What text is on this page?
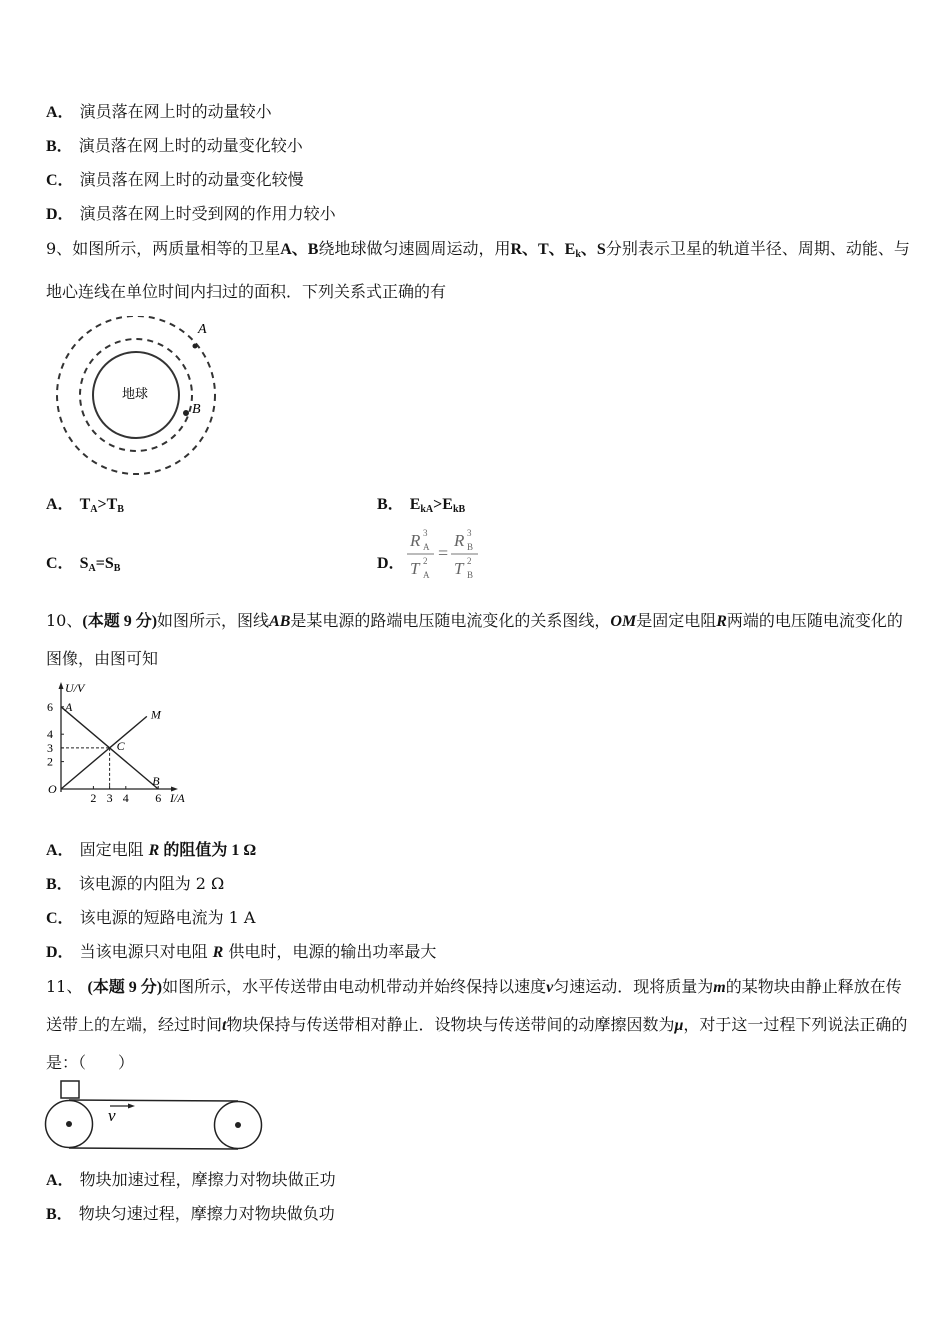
A． 演员落在网上时的动量较小
B． 演员落在网上时的动量变化较小
C． 演员落在网上时的动量变化较慢
D． 演员落在网上时受到网的作用力较小
9、如图所示，两质量相等的卫星A、B绕地球做匀速圆周运动，用R、T、$E_k$、S分别表示卫星的轨道半径、周期、动能、与地心连线在单位时间内扫过的面积．下列关系式正确的有
地球
A
B
A． $T_A>T_B$	B． $E_{kA}>E_{kB}$
C． $S_A=S_B$	D．
R 3
A
T 2
A
=
R 3
B
T 2
B
10、(本题 9 分)如图所示，图线AB是某电源的路端电压随电流变化的关系图线，OM是固定电阻R两端的电压随电流变化的图像，由图可知
U/V
I/A
O
2
3
4
6
2 3 4 6
A
B
M
C
A． 固定电阻 R 的阻值为 1 Ω
B． 该电源的内阻为 2 Ω
C． 该电源的短路电流为 1 A
D． 当该电源只对电阻 R 供电时，电源的输出功率最大
11、 (本题 9 分)如图所示，水平传送带由电动机带动并始终保持以速度v匀速运动．现将质量为m的某物块由静止释放在传送带上的左端，经过时间t物块保持与传送带相对静止．设物块与传送带间的动摩擦因数为μ，对于这一过程下列说法正确的是：（　　）
v
A． 物块加速过程，摩擦力对物块做正功
B． 物块匀速过程，摩擦力对物块做负功
